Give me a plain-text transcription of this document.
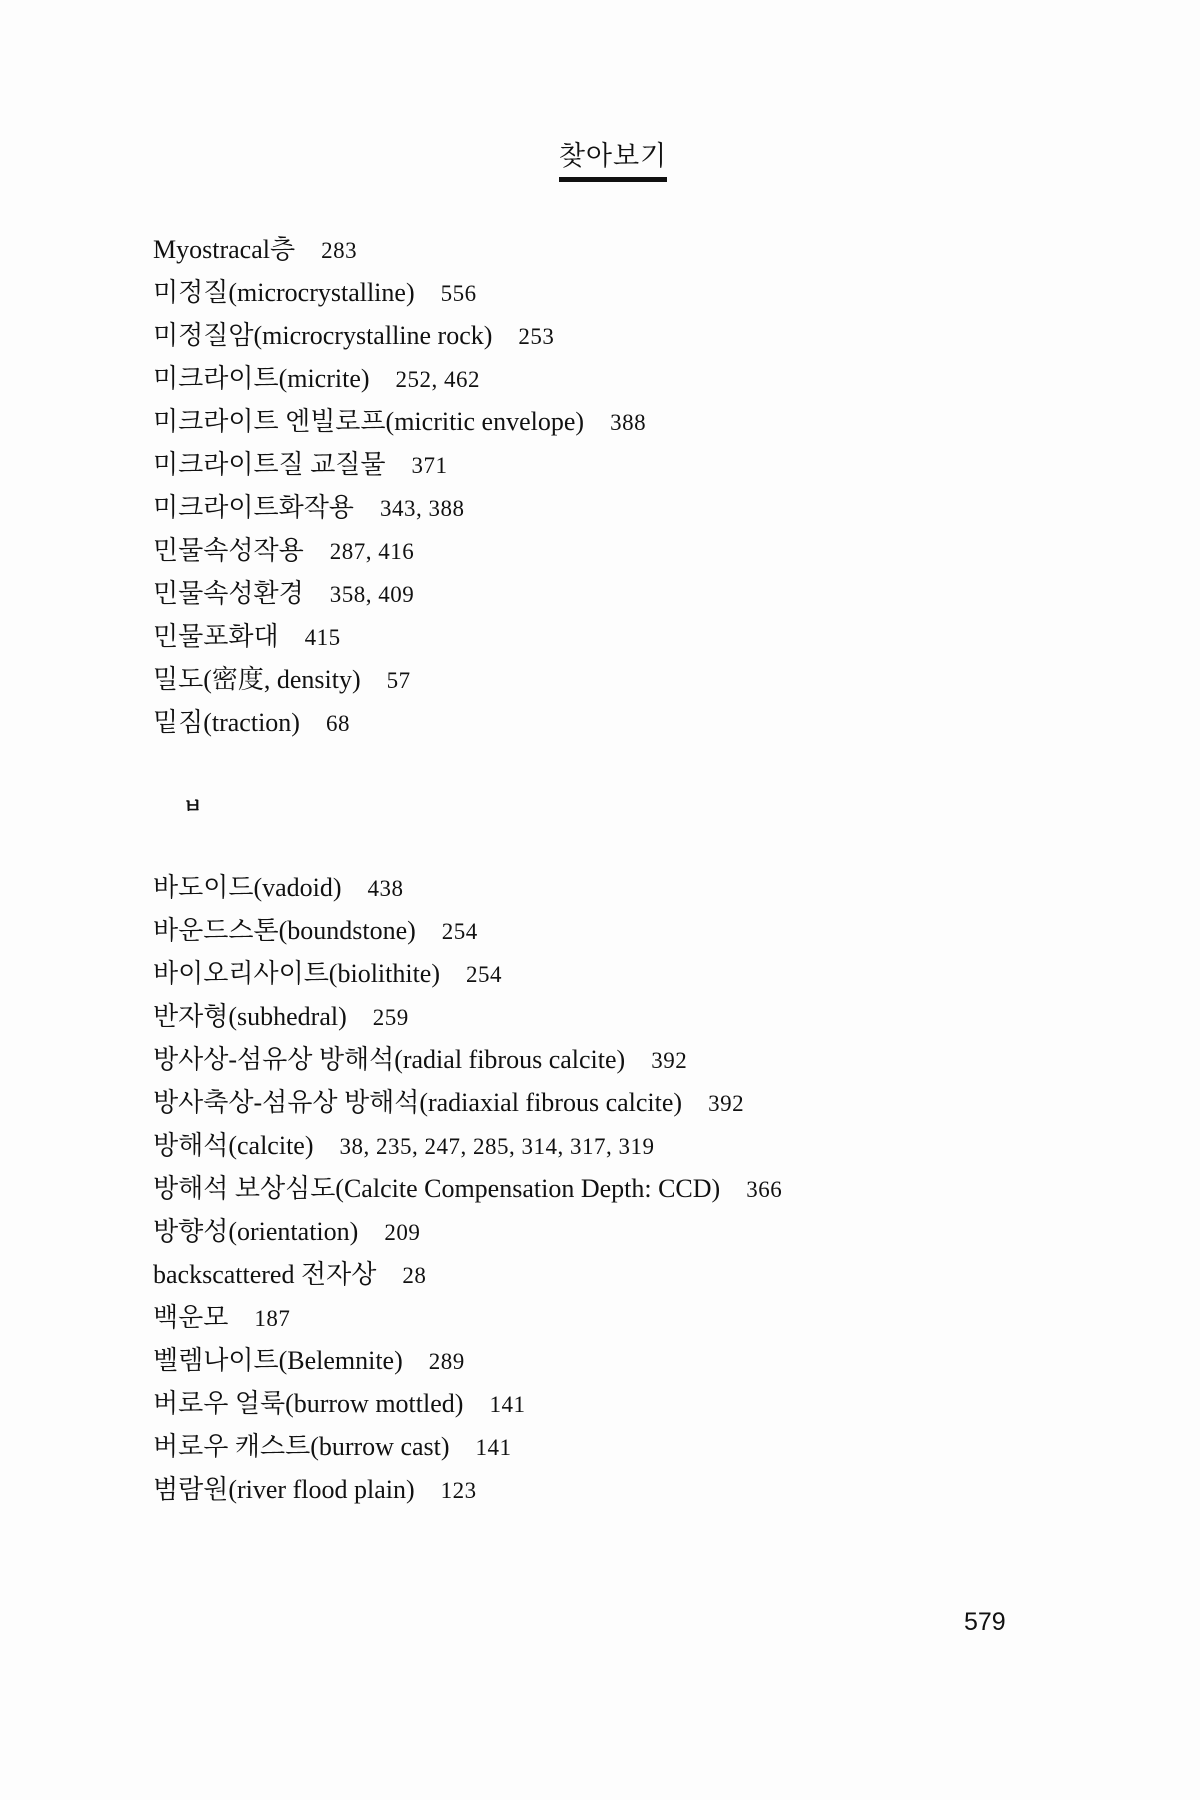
찾아보기
Myostracal층 283
미정질(microcrystalline) 556
미정질암(microcrystalline rock) 253
미크라이트(micrite) 252, 462
미크라이트 엔빌로프(micritic envelope) 388
미크라이트질 교질물 371
미크라이트화작용 343, 388
민물속성작용 287, 416
민물속성환경 358, 409
민물포화대 415
밀도(密度, density) 57
밑짐(traction) 68
ㅂ
바도이드(vadoid) 438
바운드스톤(boundstone) 254
바이오리사이트(biolithite) 254
반자형(subhedral) 259
방사상-섬유상 방해석(radial fibrous calcite) 392
방사축상-섬유상 방해석(radiaxial fibrous calcite) 392
방해석(calcite) 38, 235, 247, 285, 314, 317, 319
방해석 보상심도(Calcite Compensation Depth: CCD) 366
방향성(orientation) 209
backscattered 전자상 28
백운모 187
벨렘나이트(Belemnite) 289
버로우 얼룩(burrow mottled) 141
버로우 캐스트(burrow cast) 141
범람원(river flood plain) 123
579
